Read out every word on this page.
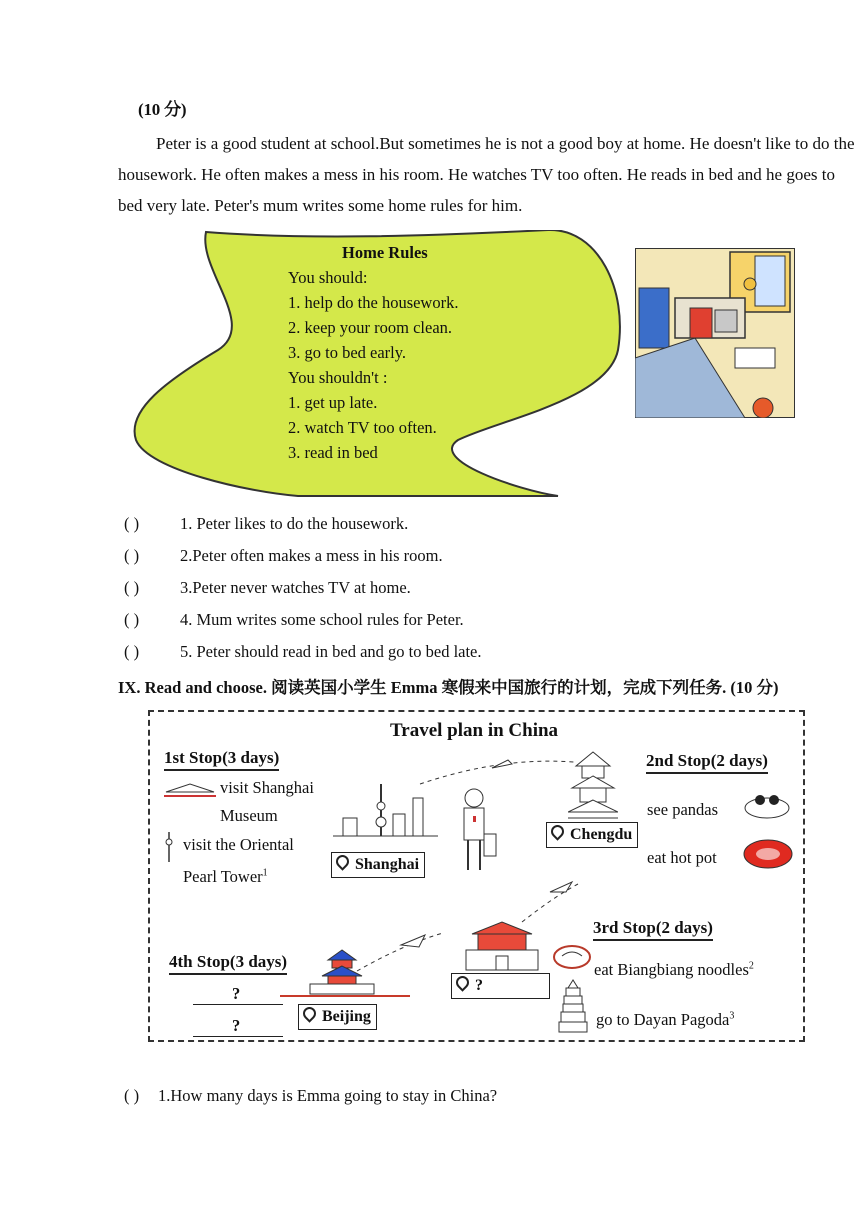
(10 分)
Peter is a good student at school.But sometimes he is not a good boy at home. He doesn't like to do the housework. He often makes a mess in his room. He watches TV too often. He reads in bed and he goes to bed very late. Peter's mum writes some home rules for him.
Home Rules
You should:
1. help do the housework.
2. keep your room clean.
3. go to bed early.
You shouldn't :
1. get up late.
2. watch TV too often.
3. read in bed
( ) 1. Peter likes to do the housework.
( ) 2.Peter often makes a mess in his room.
( ) 3.Peter never watches TV at home.
( ) 4. Mum writes some school rules for Peter.
( ) 5. Peter should read in bed and go to bed late.
IX. Read and choose. 阅读英国小学生 Emma 寒假来中国旅行的计划，完成下列任务. (10 分)
Travel plan in China
1st Stop(3 days)
visit Shanghai
Museum
visit the Oriental
Pearl Tower$^1$	Shanghai
Chengdu
2nd Stop(2 days)
see pandas
eat hot pot
3rd Stop(2 days)
eat Biangbiang noodles$^2$
go to Dayan Pagoda$^3$
?
Beijing
4th Stop(3 days)
?
?
( ) 1.How many days is Emma going to stay in China?
